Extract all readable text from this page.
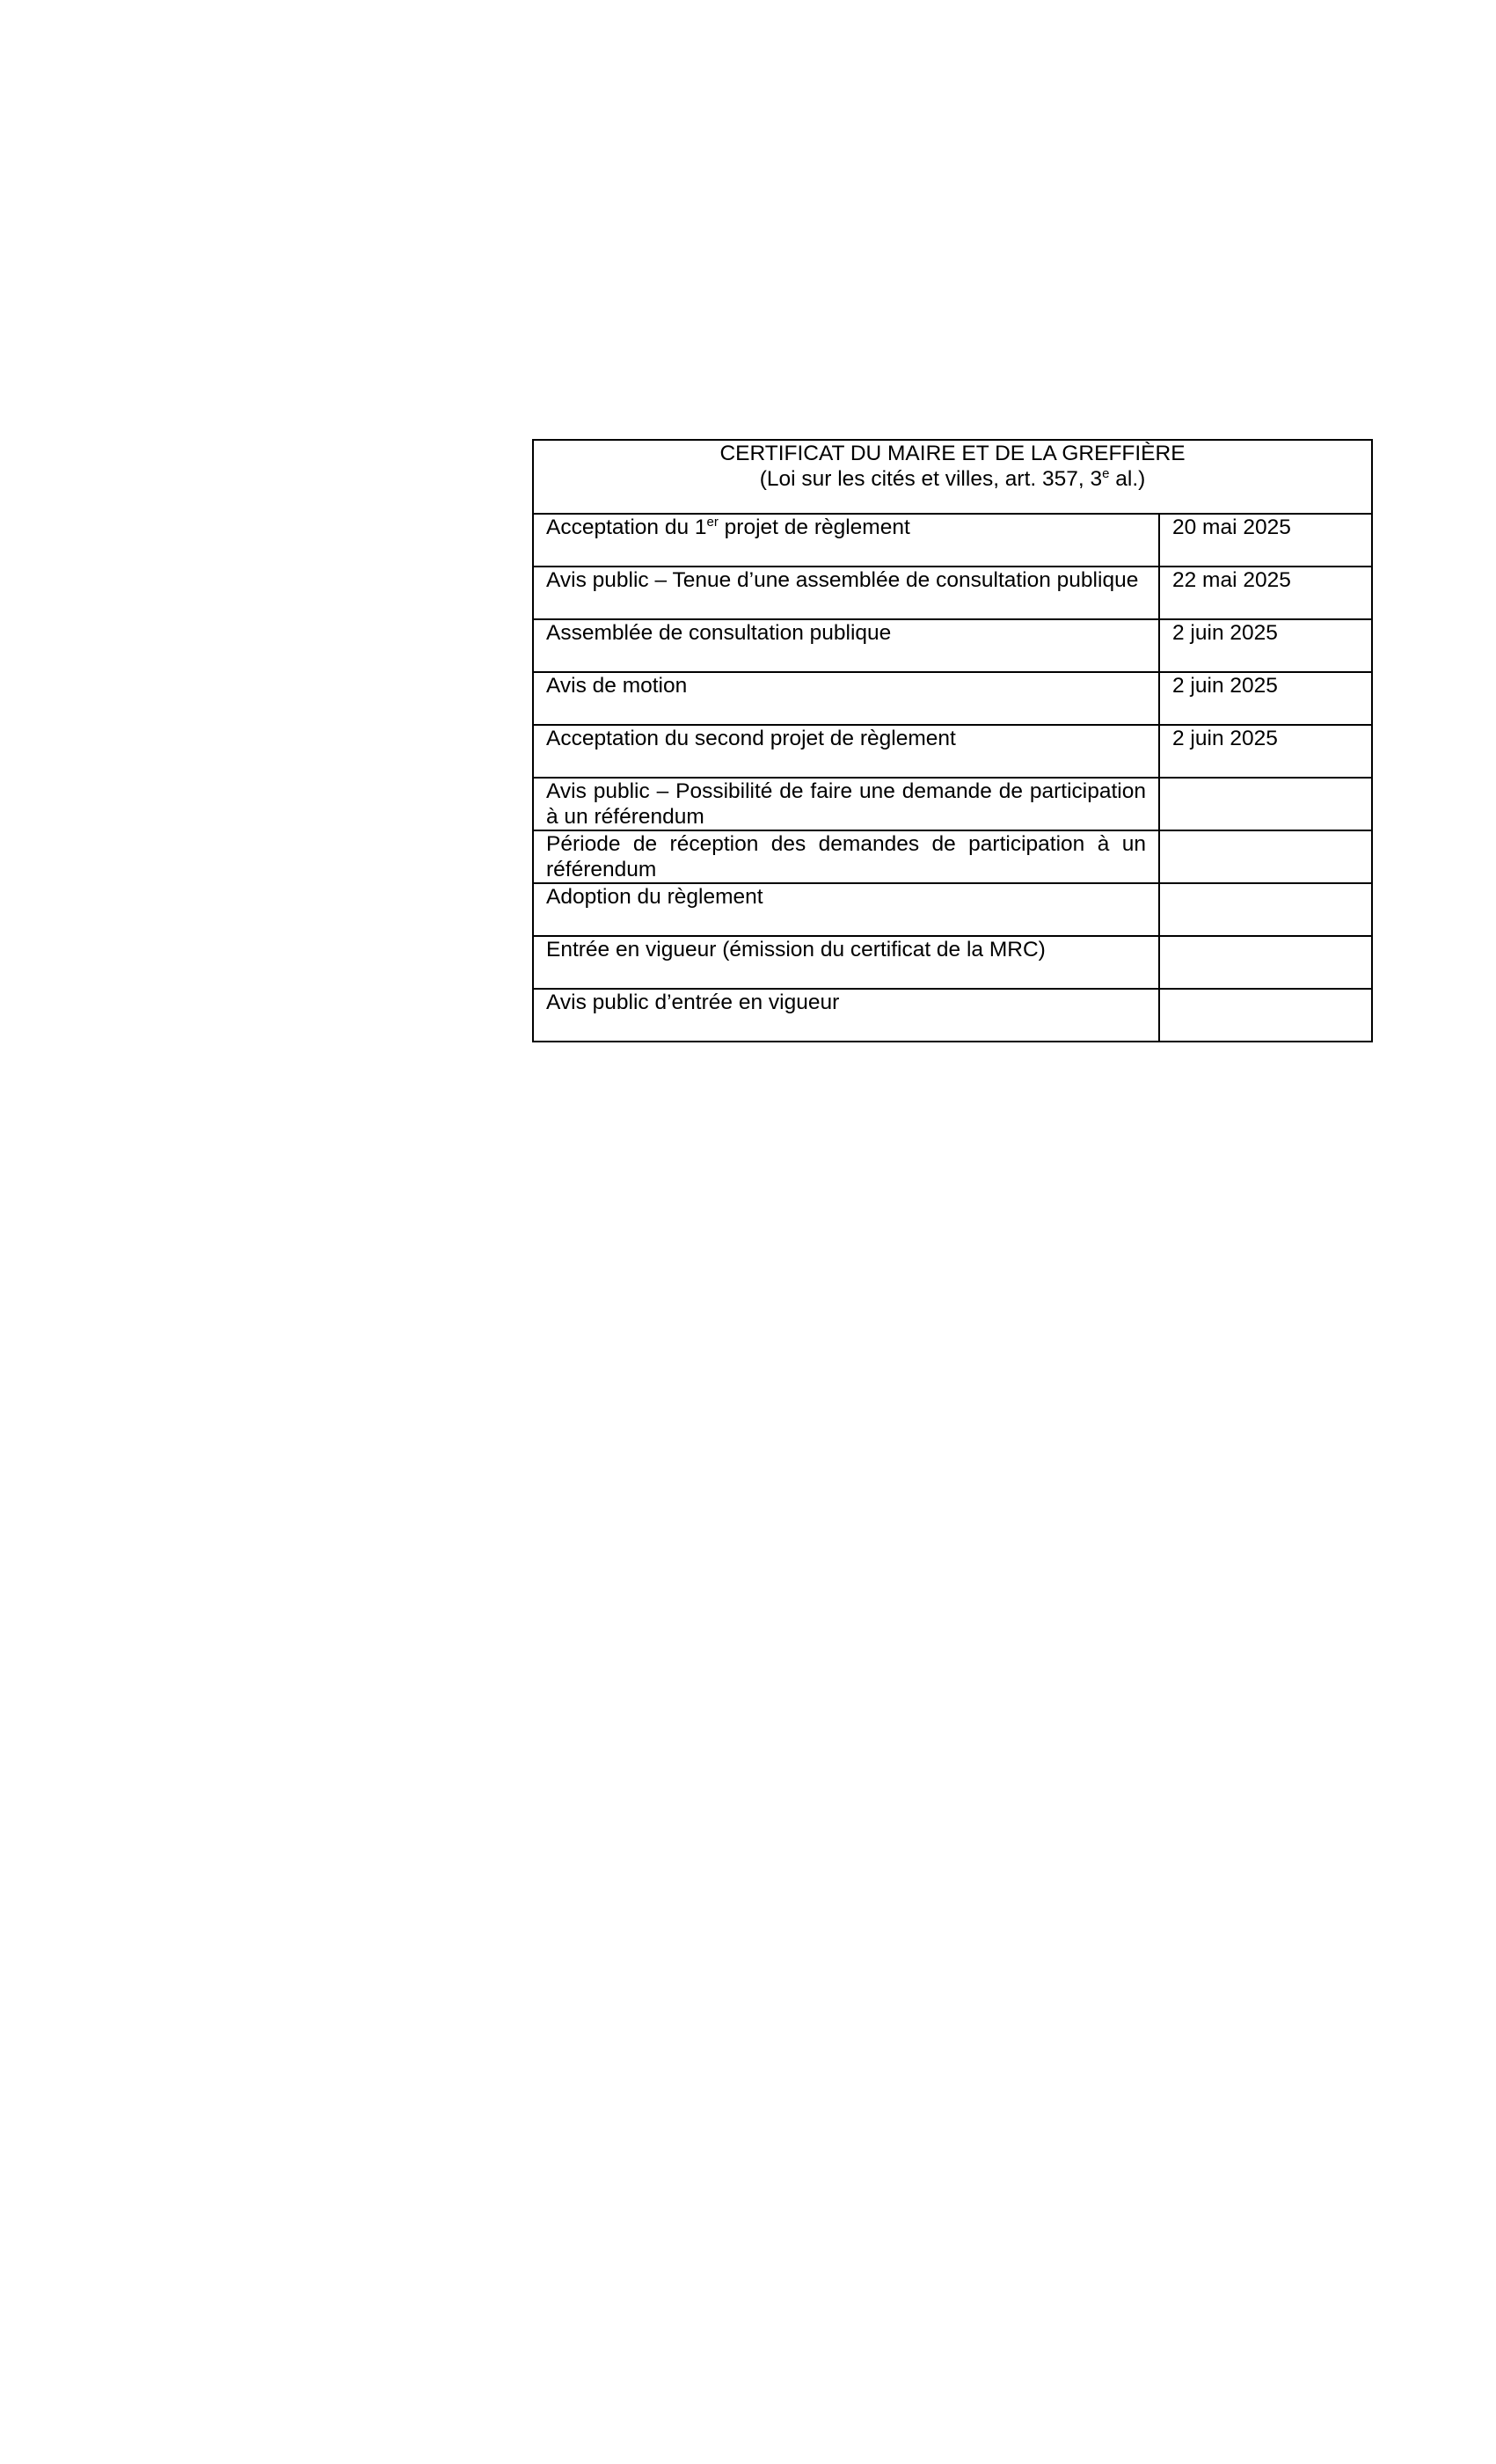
CERTIFICAT DU MAIRE ET DE LA GREFFIÈRE
(Loi sur les cités et villes, art. 357, 3e al.)	

Acceptation du 1er projet de règlement	20 mai 2025
Avis public – Tenue d’une assemblée de consultation publique	22 mai 2025
Assemblée de consultation publique	2 juin 2025
Avis de motion	2 juin 2025
Acceptation du second projet de règlement	2 juin 2025
Avis public – Possibilité de faire une demande de participation à un référendum	
Période de réception des demandes de participation à un référendum	
Adoption du règlement	
Entrée en vigueur (émission du certificat de la MRC)	
Avis public d’entrée en vigueur	
